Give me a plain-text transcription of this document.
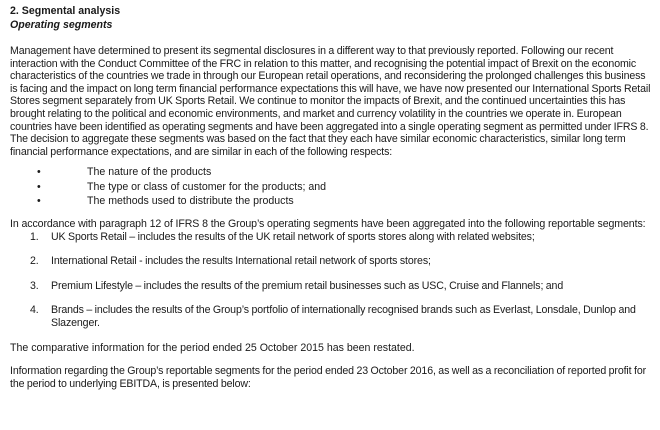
2. Segmental analysis

Operating segments

Management have determined to present its segmental disclosures in a different way to that previously reported. Following our recent interaction with the Conduct Committee of the FRC in relation to this matter, and recognising the potential impact of Brexit on the economic characteristics of the countries we trade in through our European retail operations, and reconsidering the prolonged challenges this business is facing and the impact on long term financial performance expectations this will have, we have now presented our International Sports Retail Stores segment separately from UK Sports Retail. We continue to monitor the impacts of Brexit, and the continued uncertainties this has brought relating to the political and economic environments, and market and currency volatility in the countries we operate in. European countries have been identified as operating segments and have been aggregated into a single operating segment as permitted under IFRS 8. The decision to aggregate these segments was based on the fact that they each have similar economic characteristics, similar long term financial performance expectations, and are similar in each of the following respects:

•	The nature of the products
•	The type or class of customer for the products; and
•	The methods used to distribute the products

In accordance with paragraph 12 of IFRS 8 the Group’s operating segments have been aggregated into the following reportable segments:

1. UK Sports Retail – includes the results of the UK retail network of sports stores along with related websites;
2. International Retail - includes the results International retail network of sports stores;
3. Premium Lifestyle – includes the results of the premium retail businesses such as USC, Cruise and Flannels; and
4. Brands – includes the results of the Group’s portfolio of internationally recognised brands such as Everlast, Lonsdale, Dunlop and Slazenger.

The comparative information for the period ended 25 October 2015 has been restated.

Information regarding the Group’s reportable segments for the period ended 23 October 2016, as well as a reconciliation of reported profit for the period to underlying EBITDA, is presented below:
